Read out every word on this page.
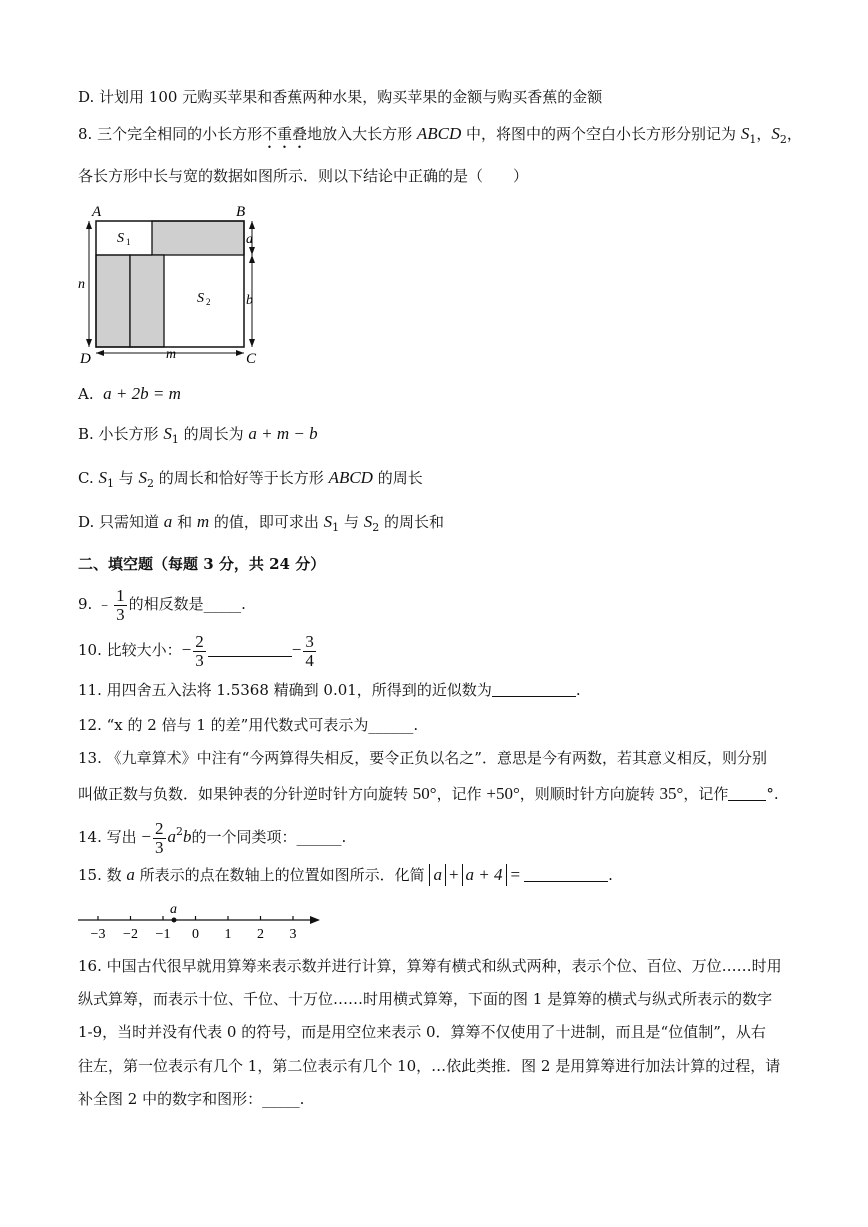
D. 计划用 100 元购买苹果和香蕉两种水果，购买苹果的金额与购买香蕉的金额
8. 三个完全相同的小长方形不重叠地放入大长方形 ABCD 中，将图中的两个空白小长方形分别记为 $S_1$，$S_2$，
各长方形中长与宽的数据如图所示．则以下结论中正确的是（　　）
A	B
D	C
n
m
a
b
S 1
S 2
A. a + 2b = m
B. 小长方形 $S_1$ 的周长为 a + m − b
C. $S_1$ 与 $S_2$ 的周长和恰好等于长方形 ABCD 的周长
D. 只需知道 a 和 m 的值，即可求出 $S_1$ 与 $S_2$ 的周长和
二、填空题（每题 3 分，共 24 分）
9. ﹣ $\frac{1}{3}$ 的相反数是_____.
10. 比较大小：− $\frac{2}{3}$	− $\frac{3}{4}$
11. 用四舍五入法将 1.5368 精确到 0.01，所得到的近似数为	.
12. “x 的 2 倍与 1 的差”用代数式可表示为______.
13. 《九章算术》中注有“今两算得失相反，要令正负以名之”．意思是今有两数，若其意义相反，则分别
叫做正数与负数．如果钟表的分针逆时针方向旋转 50°，记作 +50°，则顺时针方向旋转 35°，记作	°.
14. 写出 − $\frac{2}{3} a^2b$的一个同类项：______.
15. 数 a 所表示的点在数轴上的位置如图所示．化简 a + a + 4 =	.
−3 −2 −1 0 1 2 3
a
16. 中国古代很早就用算筹来表示数并进行计算，算筹有横式和纵式两种，表示个位、百位、万位……时用
纵式算筹，而表示十位、千位、十万位……时用横式算筹，下面的图 1 是算筹的横式与纵式所表示的数字
1-9，当时并没有代表 0 的符号，而是用空位来表示 0．算筹不仅使用了十进制，而且是“位值制”，从右
往左，第一位表示有几个 1，第二位表示有几个 10，…依此类推．图 2 是用算筹进行加法计算的过程，请
补全图 2 中的数字和图形：_____.
